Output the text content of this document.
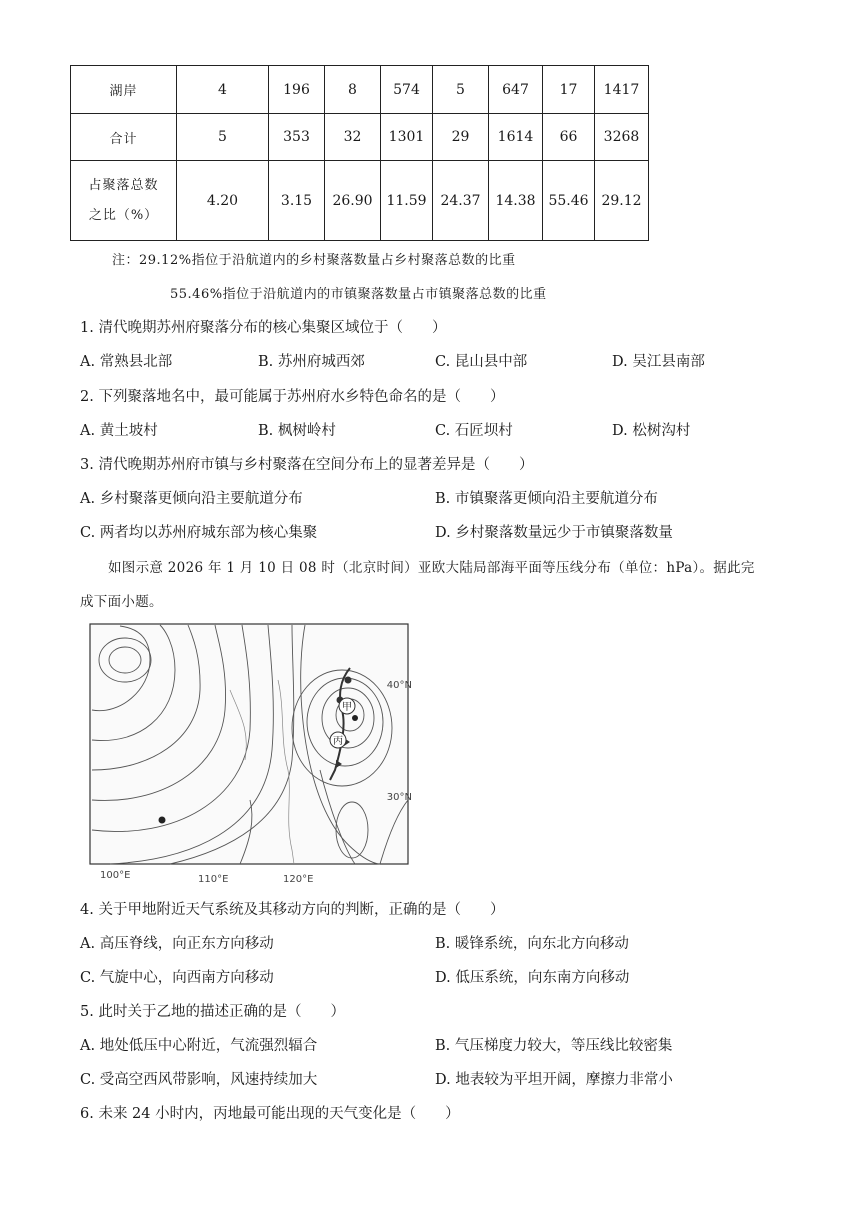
湖岸	4	196	8	574	5	647	17	1417
合计	5	353	32	1301	29	1614	66	3268

占聚落总数
之比（%）	4.20	3.15	26.90	11.59	24.37	14.38	55.46	29.12
注：29.12%指位于沿航道内的乡村聚落数量占乡村聚落总数的比重
55.46%指位于沿航道内的市镇聚落数量占市镇聚落总数的比重
1. 清代晚期苏州府聚落分布的核心集聚区域位于（　　）
A. 常熟县北部	B. 苏州府城西郊	C. 昆山县中部	D. 吴江县南部
2. 下列聚落地名中，最可能属于苏州府水乡特色命名的是（　　）
A. 黄土坡村	B. 枫树岭村	C. 石匠坝村	D. 松树沟村
3. 清代晚期苏州府市镇与乡村聚落在空间分布上的显著差异是（　　）
A. 乡村聚落更倾向沿主要航道分布	B. 市镇聚落更倾向沿主要航道分布
C. 两者均以苏州府城东部为核心集聚	D. 乡村聚落数量远少于市镇聚落数量
如图示意 2026 年 1 月 10 日 08 时（北京时间）亚欧大陆局部海平面等压线分布（单位：hPa）。据此完
成下面小题。
甲
丙
40°N
30°N
100°E	110°E	120°E
4. 关于甲地附近天气系统及其移动方向的判断，正确的是（　　）
A. 高压脊线，向正东方向移动	B. 暖锋系统，向东北方向移动
C. 气旋中心，向西南方向移动	D. 低压系统，向东南方向移动
5. 此时关于乙地的描述正确的是（　　）
A. 地处低压中心附近，气流强烈辐合	B. 气压梯度力较大，等压线比较密集
C. 受高空西风带影响，风速持续加大	D. 地表较为平坦开阔，摩擦力非常小
6. 未来 24 小时内，丙地最可能出现的天气变化是（　　）
